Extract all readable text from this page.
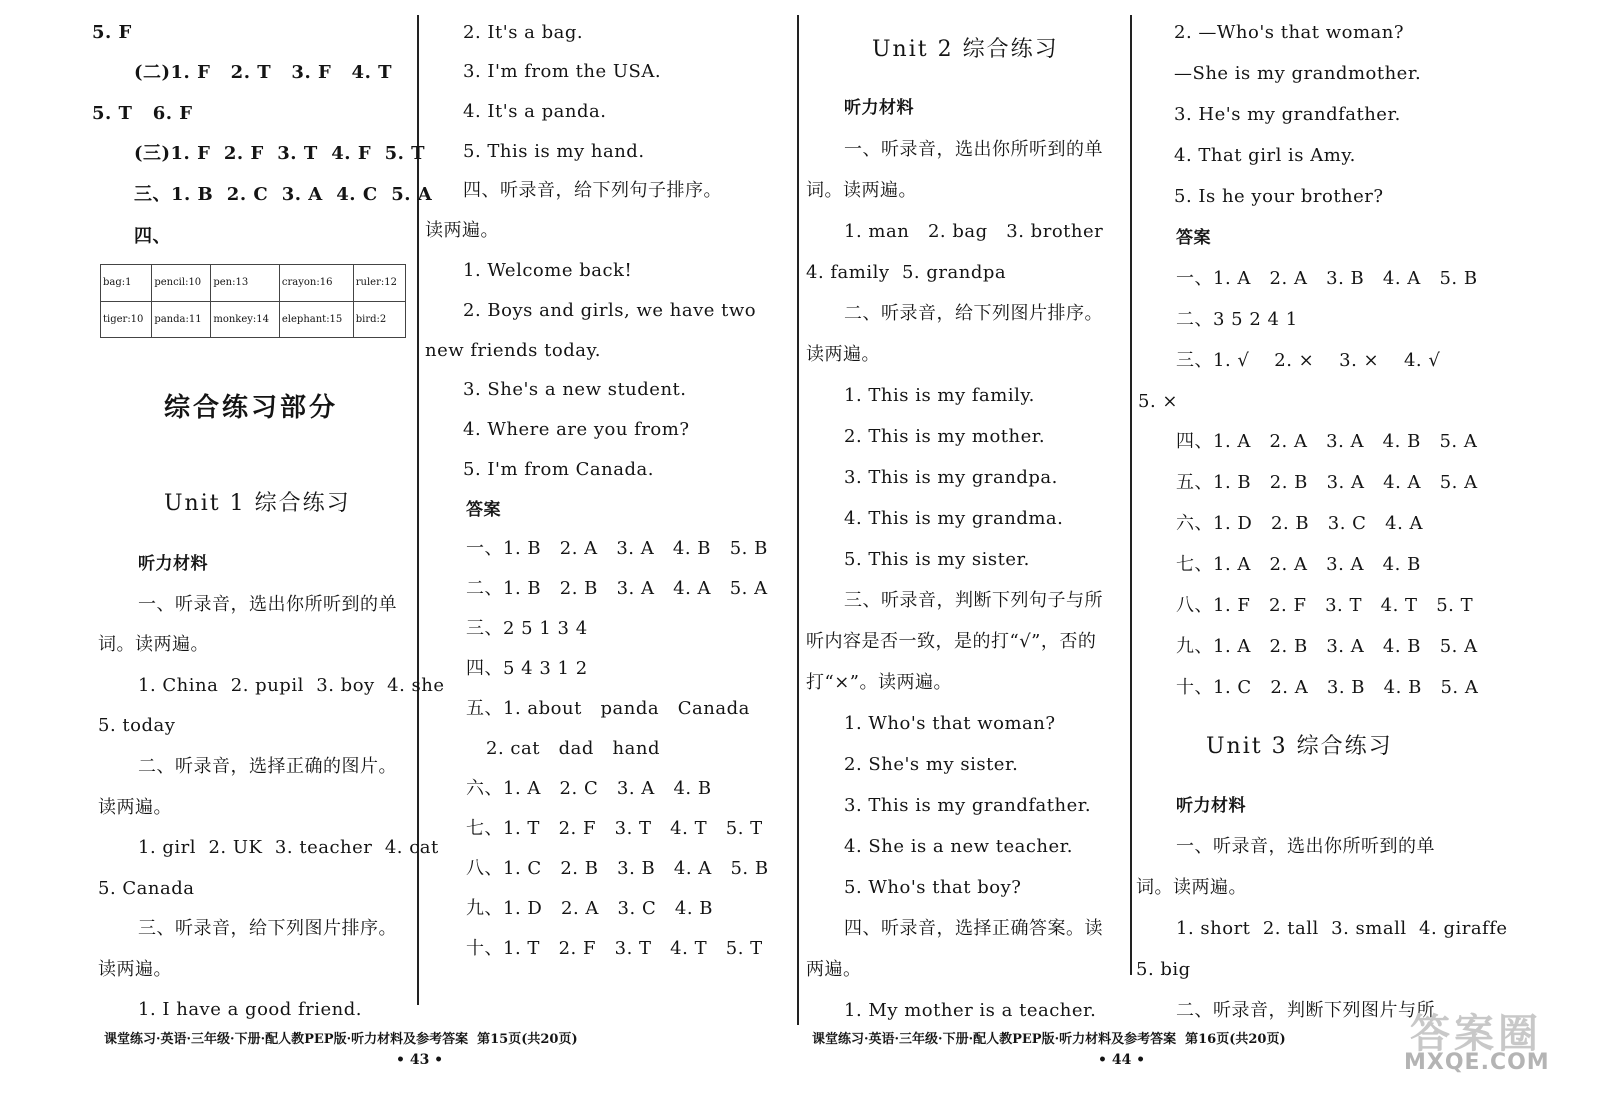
5. F
(二)1. F   2. T   3. F   4. T
5. T   6. F
(三)1. F  2. F  3. T  4. F  5. T
三、1. B  2. C  3. A  4. C  5. A
四、
bag:1	pencil:10	pen:13	crayon:16	ruler:12
tiger:10	panda:11	monkey:14	elephant:15	bird:2
综合练习部分
Unit 1 综合练习
听力材料
一、听录音，选出你所听到的单
词。读两遍。
1. China  2. pupil  3. boy  4. she
5. today
二、听录音，选择正确的图片。
读两遍。
1. girl  2. UK  3. teacher  4. cat
5. Canada
三、听录音，给下列图片排序。
读两遍。
1. I have a good friend.
2. It's a bag.
3. I'm from the USA.
4. It's a panda.
5. This is my hand.
四、听录音，给下列句子排序。
读两遍。
1. Welcome back!
2. Boys and girls, we have two
new friends today.
3. She's a new student.
4. Where are you from?
5. I'm from Canada.
答案
一、1. B   2. A   3. A   4. B   5. B
二、1. B   2. B   3. A   4. A   5. A
三、2 5 1 3 4
四、5 4 3 1 2
五、1. about   panda   Canada
2. cat   dad   hand
六、1. A   2. C   3. A   4. B
七、1. T   2. F   3. T   4. T   5. T
八、1. C   2. B   3. B   4. A   5. B
九、1. D   2. A   3. C   4. B
十、1. T   2. F   3. T   4. T   5. T
Unit 2 综合练习
听力材料
一、听录音，选出你所听到的单
词。读两遍。
1. man   2. bag   3. brother
4. family  5. grandpa
二、听录音，给下列图片排序。
读两遍。
1. This is my family.
2. This is my mother.
3. This is my grandpa.
4. This is my grandma.
5. This is my sister.
三、听录音，判断下列句子与所
听内容是否一致，是的打“√”，否的
打“×”。读两遍。
1. Who's that woman?
2. She's my sister.
3. This is my grandfather.
4. She is a new teacher.
5. Who's that boy?
四、听录音，选择正确答案。读
两遍。
1. My mother is a teacher.
2. —Who's that woman?
—She is my grandmother.
3. He's my grandfather.
4. That girl is Amy.
5. Is he your brother?
答案
一、1. A   2. A   3. B   4. A   5. B
二、3 5 2 4 1
三、1. √    2. ×    3. ×    4. √
5. ×
四、1. A   2. A   3. A   4. B   5. A
五、1. B   2. B   3. A   4. A   5. A
六、1. D   2. B   3. C   4. A
七、1. A   2. A   3. A   4. B
八、1. F   2. F   3. T   4. T   5. T
九、1. A   2. B   3. A   4. B   5. A
十、1. C   2. A   3. B   4. B   5. A
Unit 3 综合练习
听力材料
一、听录音，选出你所听到的单
词。读两遍。
1. short  2. tall  3. small  4. giraffe
5. big
二、听录音，判断下列图片与所
课堂练习·英语·三年级·下册·配人教PEP版·听力材料及参考答案  第15页(共20页)
• 43 •
课堂练习·英语·三年级·下册·配人教PEP版·听力材料及参考答案  第16页(共20页)
• 44 •
答案圈
MXQE.COM
